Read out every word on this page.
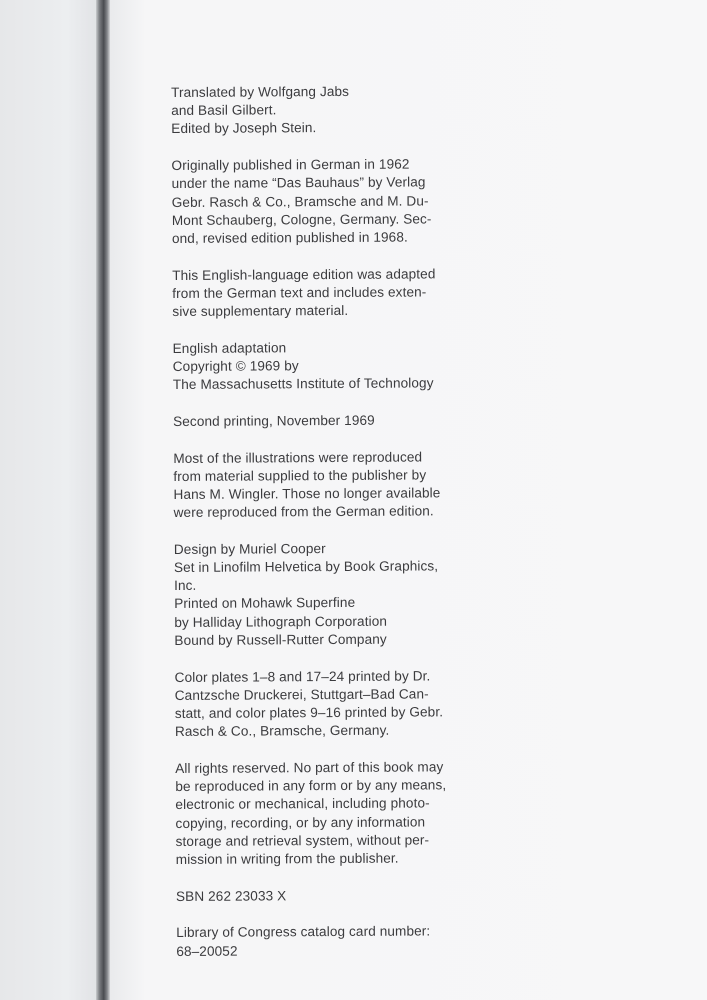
Translated by Wolfgang Jabs
and Basil Gilbert.
Edited by Joseph Stein.
Originally published in German in 1962
under the name “Das Bauhaus” by Verlag
Gebr. Rasch & Co., Bramsche and M. Du-
Mont Schauberg, Cologne, Germany. Sec-
ond, revised edition published in 1968.
This English-language edition was adapted
from the German text and includes exten-
sive supplementary material.
English adaptation
Copyright © 1969 by
The Massachusetts Institute of Technology
Second printing, November 1969
Most of the illustrations were reproduced
from material supplied to the publisher by
Hans M. Wingler. Those no longer available
were reproduced from the German edition.
Design by Muriel Cooper
Set in Linofilm Helvetica by Book Graphics,
Inc.
Printed on Mohawk Superfine
by Halliday Lithograph Corporation
Bound by Russell-Rutter Company
Color plates 1–8 and 17–24 printed by Dr.
Cantzsche Druckerei, Stuttgart–Bad Can-
statt, and color plates 9–16 printed by Gebr.
Rasch & Co., Bramsche, Germany.
All rights reserved. No part of this book may
be reproduced in any form or by any means,
electronic or mechanical, including photo-
copying, recording, or by any information
storage and retrieval system, without per-
mission in writing from the publisher.
SBN 262 23033 X
Library of Congress catalog card number:
68–20052
